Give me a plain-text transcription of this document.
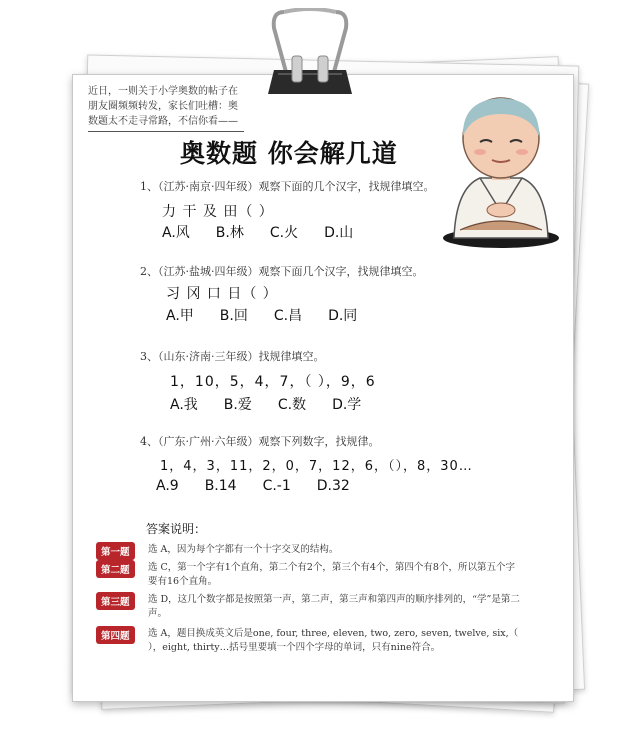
近日，一则关于小学奥数的帖子在朋友圈频频转发，家长们吐槽：奥数题太不走寻常路，不信你看——
奥数题 你会解几道
1、（江苏·南京·四年级）观察下面的几个汉字，找规律填空。
力 干 及 田（ ）
A.风 B.林 C.火 D.山
2、（江苏·盐城·四年级）观察下面几个汉字，找规律填空。
习 冈 口 日（ ）
A.甲 B.回 C.昌 D.同
3、（山东·济南·三年级）找规律填空。
1，10，5，4，7，（ ），9，6
A.我 B.爱 C.数 D.学
4、（广东·广州·六年级）观察下列数字，找规律。
1，4，3，11，2，0，7，12，6，（），8，30…
A.9 B.14 C.-1 D.32
答案说明：
第一题	选 A，因为每个字都有一个十字交叉的结构。
第二题	选 C，第一个字有1个直角，第二个有2个，第三个有4个，第四个有8个，所以第五个字要有16个直角。
第三题	选 D，这几个数字都是按照第一声，第二声，第三声和第四声的顺序排列的，“学”是第二声。
第四题	选 A，题目换成英文后是one, four, three, eleven, two, zero, seven, twelve, six,（ ），eight, thirty…括号里要填一个四个字母的单词，只有nine符合。
